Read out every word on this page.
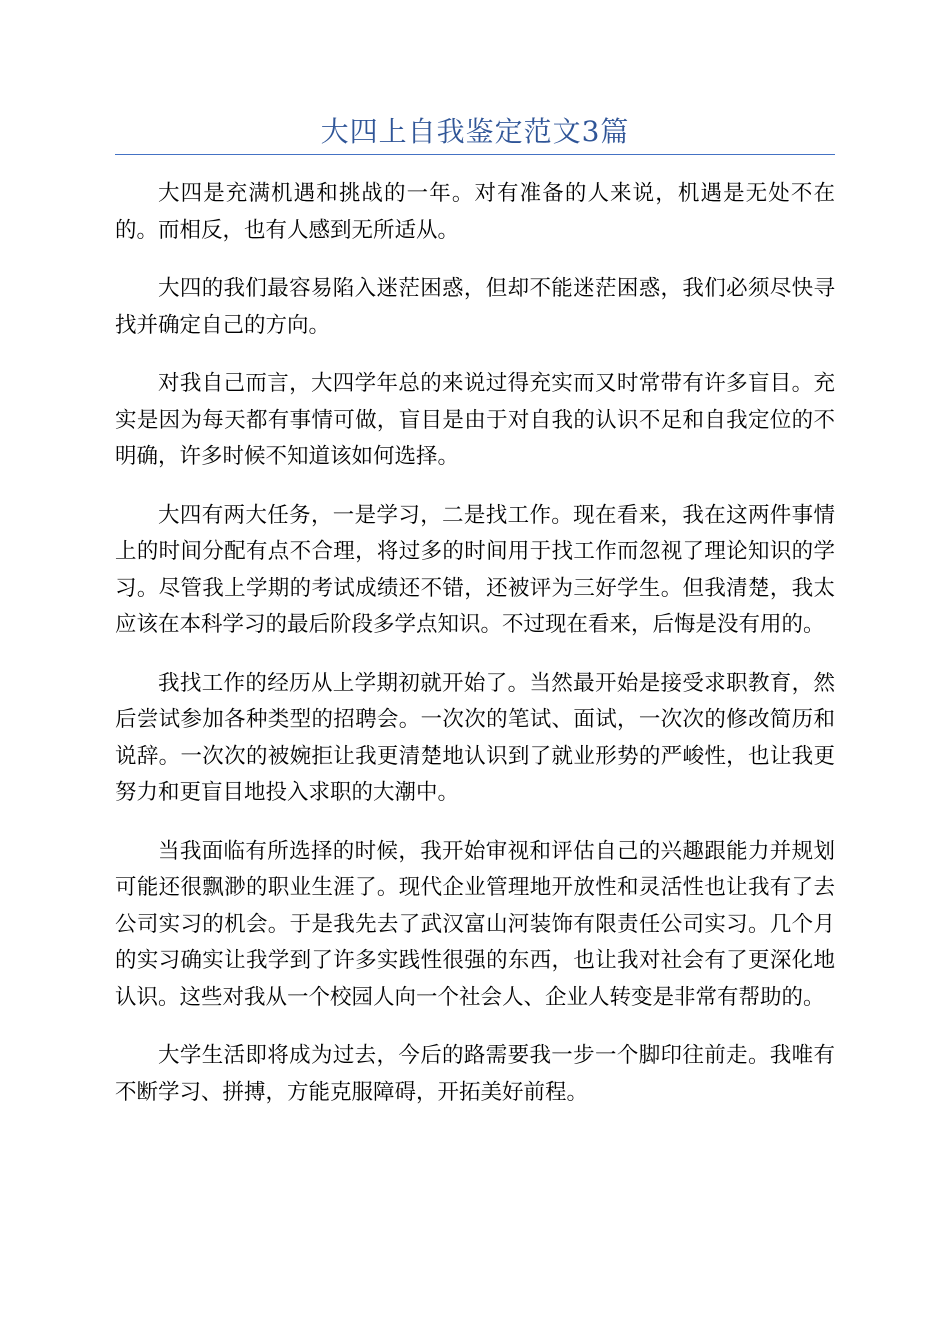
大四上自我鉴定范文3篇

大四是充满机遇和挑战的一年。对有准备的人来说，机遇是无处不在的。而相反，也有人感到无所适从。

大四的我们最容易陷入迷茫困惑，但却不能迷茫困惑，我们必须尽快寻找并确定自己的方向。

对我自己而言，大四学年总的来说过得充实而又时常带有许多盲目。充实是因为每天都有事情可做，盲目是由于对自我的认识不足和自我定位的不明确，许多时候不知道该如何选择。

大四有两大任务，一是学习，二是找工作。现在看来，我在这两件事情上的时间分配有点不合理，将过多的时间用于找工作而忽视了理论知识的学习。尽管我上学期的考试成绩还不错，还被评为三好学生。但我清楚，我太应该在本科学习的最后阶段多学点知识。不过现在看来，后悔是没有用的。

我找工作的经历从上学期初就开始了。当然最开始是接受求职教育，然后尝试参加各种类型的招聘会。一次次的笔试、面试，一次次的修改简历和说辞。一次次的被婉拒让我更清楚地认识到了就业形势的严峻性，也让我更努力和更盲目地投入求职的大潮中。

当我面临有所选择的时候，我开始审视和评估自己的兴趣跟能力并规划可能还很飘渺的职业生涯了。现代企业管理地开放性和灵活性也让我有了去公司实习的机会。于是我先去了武汉富山河装饰有限责任公司实习。几个月的实习确实让我学到了许多实践性很强的东西，也让我对社会有了更深化地认识。这些对我从一个校园人向一个社会人、企业人转变是非常有帮助的。

大学生活即将成为过去，今后的路需要我一步一个脚印往前走。我唯有不断学习、拼搏，方能克服障碍，开拓美好前程。
